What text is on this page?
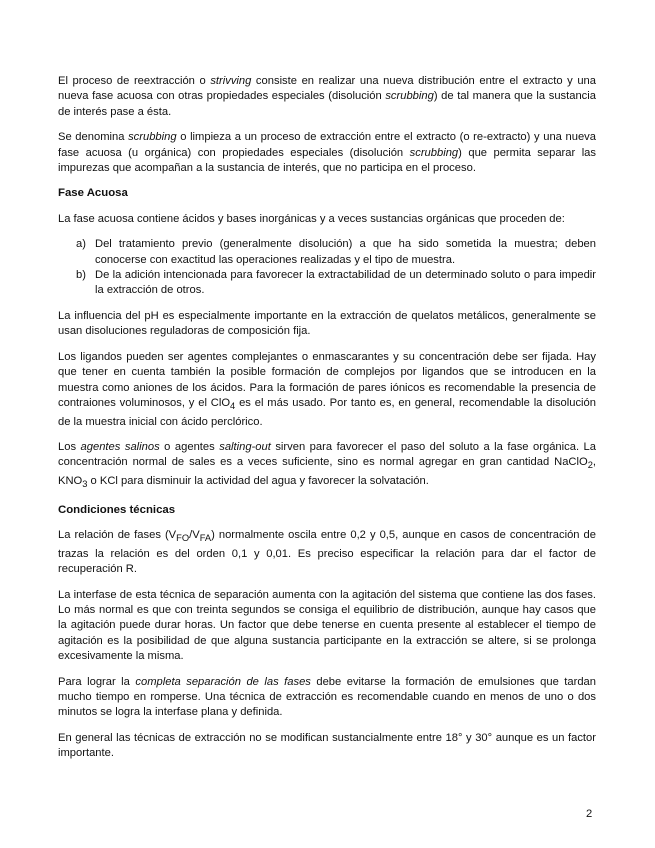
El proceso de reextracción o strivving consiste en realizar una nueva distribución entre el extracto y una nueva fase acuosa con otras propiedades especiales (disolución scrubbing) de tal manera que la sustancia de interés pase a ésta.

Se denomina scrubbing o limpieza a un proceso de extracción entre el extracto (o re-extracto) y una nueva fase acuosa (u orgánica) con propiedades especiales (disolución scrubbing) que permita separar las impurezas que acompañan a la sustancia de interés, que no participa en el proceso.

Fase Acuosa

La fase acuosa contiene ácidos y bases inorgánicas y a veces sustancias orgánicas que proceden de:

a) Del tratamiento previo (generalmente disolución) a que ha sido sometida la muestra; deben conocerse con exactitud las operaciones realizadas y el tipo de muestra.
b) De la adición intencionada para favorecer la extractabilidad de un determinado soluto o para impedir la extracción de otros.

La influencia del pH es especialmente importante en la extracción de quelatos metálicos, generalmente se usan disoluciones reguladoras de composición fija.

Los ligandos pueden ser agentes complejantes o enmascarantes y su concentración debe ser fijada. Hay que tener en cuenta también la posible formación de complejos por ligandos que se introducen en la muestra como aniones de los ácidos. Para la formación de pares iónicos es recomendable la presencia de contraiones voluminosos, y el ClO$_4$ es el más usado. Por tanto es, en general, recomendable la disolución de la muestra inicial con ácido perclórico.

Los agentes salinos o agentes salting-out sirven para favorecer el paso del soluto a la fase orgánica. La concentración normal de sales es a veces suficiente, sino es normal agregar en gran cantidad NaClO$_2$, $KNO_3$ o KCl para disminuir la actividad del agua y favorecer la solvatación.

Condiciones técnicas

La relación de fases $(V_{FO}/V_{FA})$ normalmente oscila entre 0,2 y 0,5, aunque en casos de concentración de trazas la relación es del orden 0,1 y 0,01. Es preciso especificar la relación para dar el factor de recuperación R.

La interfase de esta técnica de separación aumenta con la agitación del sistema que contiene las dos fases. Lo más normal es que con treinta segundos se consiga el equilibrio de distribución, aunque hay casos que la agitación puede durar horas. Un factor que debe tenerse en cuenta presente al establecer el tiempo de agitación es la posibilidad de que alguna sustancia participante en la extracción se altere, si se prolonga excesivamente la misma.

Para lograr la completa separación de las fases debe evitarse la formación de emulsiones que tardan mucho tiempo en romperse. Una técnica de extracción es recomendable cuando en menos de uno o dos minutos se logra la interfase plana y definida.

En general las técnicas de extracción no se modifican sustancialmente entre 18° y 30° aunque es un factor importante.

2
